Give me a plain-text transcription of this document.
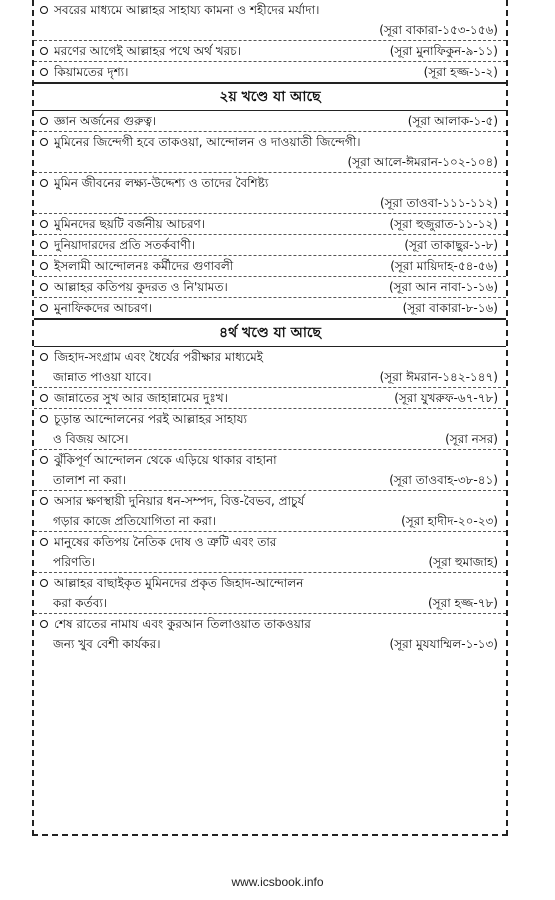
সবরের মাধ্যমে আল্লাহর সাহায্য কামনা ও শহীদের মর্যাদা।
(সূরা বাকারা-১৫৩-১৫৬)
মরণের আগেই আল্লাহর পথে অর্থ খরচ।	(সূরা মুনাফিকুন-৯-১১)
কিয়ামতের দৃশ্য।	(সূরা হজ্জ-১-২)
২য় খণ্ডে যা আছে
জ্ঞান অর্জনের গুরুত্ব।	(সূরা আলাক-১-৫)
মুমিনের জিন্দেগী হবে তাকওয়া, আন্দোলন ও দাওয়াতী জিন্দেগী।
(সূরা আলে-ঈমরান-১০২-১০৪)
মুমিন জীবনের লক্ষ্য-উদ্দেশ্য ও তাদের বৈশিষ্ট্য
(সূরা তাওবা-১১১-১১২)
মুমিনদের ছয়টি বর্জনীয় আচরণ।	(সূরা হুজুরাত-১১-১২)
দুনিয়াদারদের প্রতি সতর্কবাণী।	(সূরা তাকাছুর-১-৮)
ইসলামী আন্দোলনঃ কর্মীদের গুণাবলী	(সূরা মায়িদাহ-৫৪-৫৬)
আল্লাহর কতিপয় কুদরত ও নি'য়ামত।	(সূরা আন নাবা-১-১৬)
মুনাফিকদের আচরণ।	(সূরা বাকারা-৮-১৬)
৪র্থ খণ্ডে যা আছে
জিহাদ-সংগ্রাম এবং ধৈর্যের পরীক্ষার মাধ্যমেই
জান্নাত পাওয়া যাবে।	(সূরা ঈমরান-১৪২-১৪৭)
জান্নাতের সুখ আর জাহান্নামের দুঃখ।	(সূরা যুখরুফ-৬৭-৭৮)
চূড়ান্ত আন্দোলনের পরই আল্লাহর সাহায্য
ও বিজয় আসে।	(সূরা নসর)
ঝুঁকিপূর্ণ আন্দোলন থেকে এড়িয়ে থাকার বাহানা
তালাশ না করা।	(সূরা তাওবাহ-৩৮-৪১)
অসার ক্ষণস্থায়ী দুনিয়ার ধন-সম্পদ, বিত্ত-বৈভব, প্রাচুর্য
গড়ার কাজে প্রতিযোগিতা না করা।	(সূরা হাদীদ-২০-২৩)
মানুষের কতিপয় নৈতিক দোষ ও ত্রুটি এবং তার
পরিণতি।	(সূরা হুমাজাহ)
আল্লাহর বাছাইকৃত মুমিনদের প্রকৃত জিহাদ-আন্দোলন
করা কর্তব্য।	(সূরা হজ্জ-৭৮)
শেষ রাতের নামায এবং কুরআন তিলাওয়াত তাকওয়ার
জন্য খুব বেশী কার্যকর।	(সূরা মুযযাম্মিল-১-১৩)
www.icsbook.info
